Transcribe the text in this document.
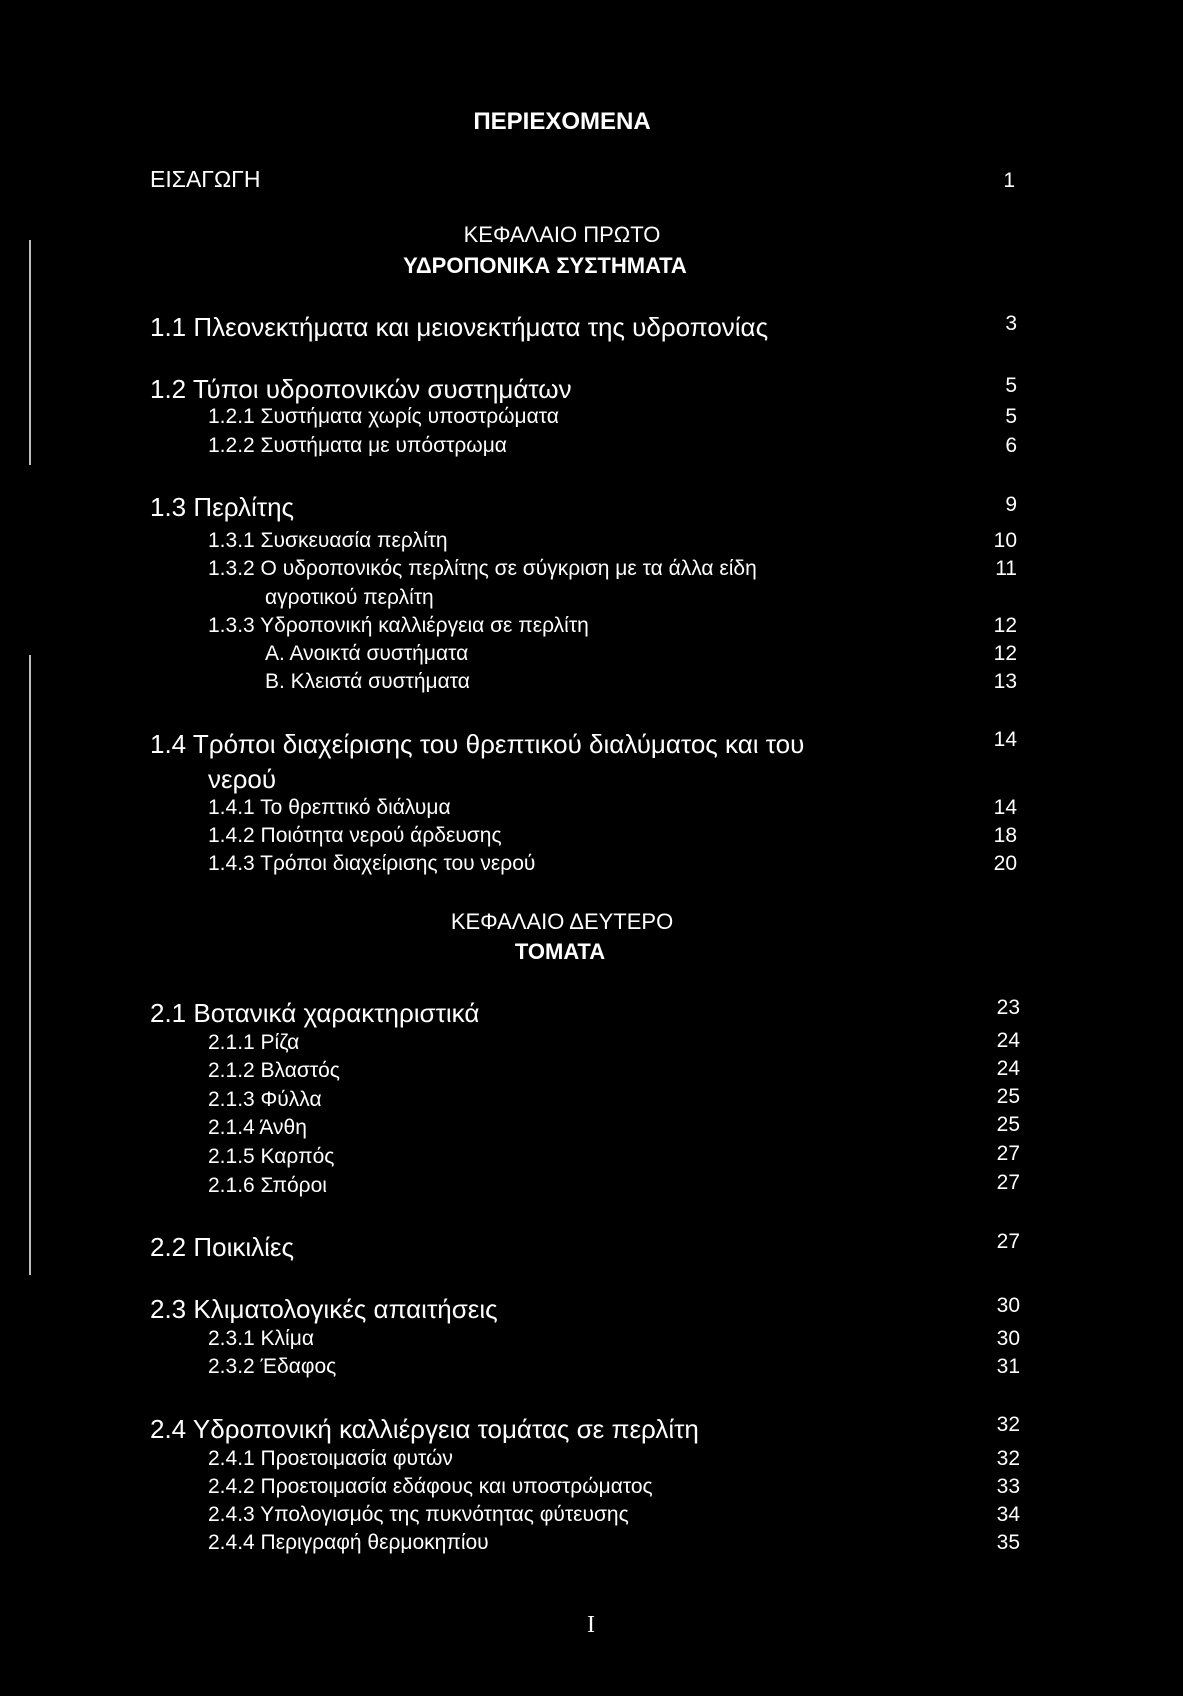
ΠΕΡΙΕΧΟΜΕΝΑ
ΕΙΣΑΓΩΓΗ	1
ΚΕΦΑΛΑΙΟ ΠΡΩΤΟ
ΥΔΡΟΠΟΝΙΚΑ ΣΥΣΤΗΜΑΤΑ
1.1 Πλεονεκτήματα και μειονεκτήματα της υδροπονίας	3
1.2 Τύποι υδροπονικών συστημάτων	5
1.2.1 Συστήματα χωρίς υποστρώματα	5
1.2.2 Συστήματα με υπόστρωμα	6
1.3 Περλίτης	9
1.3.1 Συσκευασία περλίτη	10
1.3.2 Ο υδροπονικός περλίτης σε σύγκριση με τα άλλα είδη	11
αγροτικού περλίτη
1.3.3 Υδροπονική καλλιέργεια σε περλίτη	12
Α. Ανοικτά συστήματα	12
Β. Κλειστά συστήματα	13
1.4 Τρόποι διαχείρισης του θρεπτικού διαλύματος και του	14
νερού
1.4.1 Το θρεπτικό διάλυμα	14
1.4.2 Ποιότητα νερού άρδευσης	18
1.4.3 Τρόποι διαχείρισης του νερού	20
ΚΕΦΑΛΑΙΟ ΔΕΥΤΕΡΟ
ΤΟΜΑΤΑ
2.1 Βοτανικά χαρακτηριστικά	23
2.1.1 Ρίζα	24
2.1.2 Βλαστός	24
2.1.3 Φύλλα	25
2.1.4 Άνθη	25
2.1.5 Καρπός	27
2.1.6 Σπόροι	27
2.2 Ποικιλίες	27
2.3 Κλιματολογικές απαιτήσεις	30
2.3.1 Κλίμα	30
2.3.2 Έδαφος	31
2.4 Υδροπονική καλλιέργεια τομάτας σε περλίτη	32
2.4.1 Προετοιμασία φυτών	32
2.4.2 Προετοιμασία εδάφους και υποστρώματος	33
2.4.3 Υπολογισμός της πυκνότητας φύτευσης	34
2.4.4 Περιγραφή θερμοκηπίου	35
I
